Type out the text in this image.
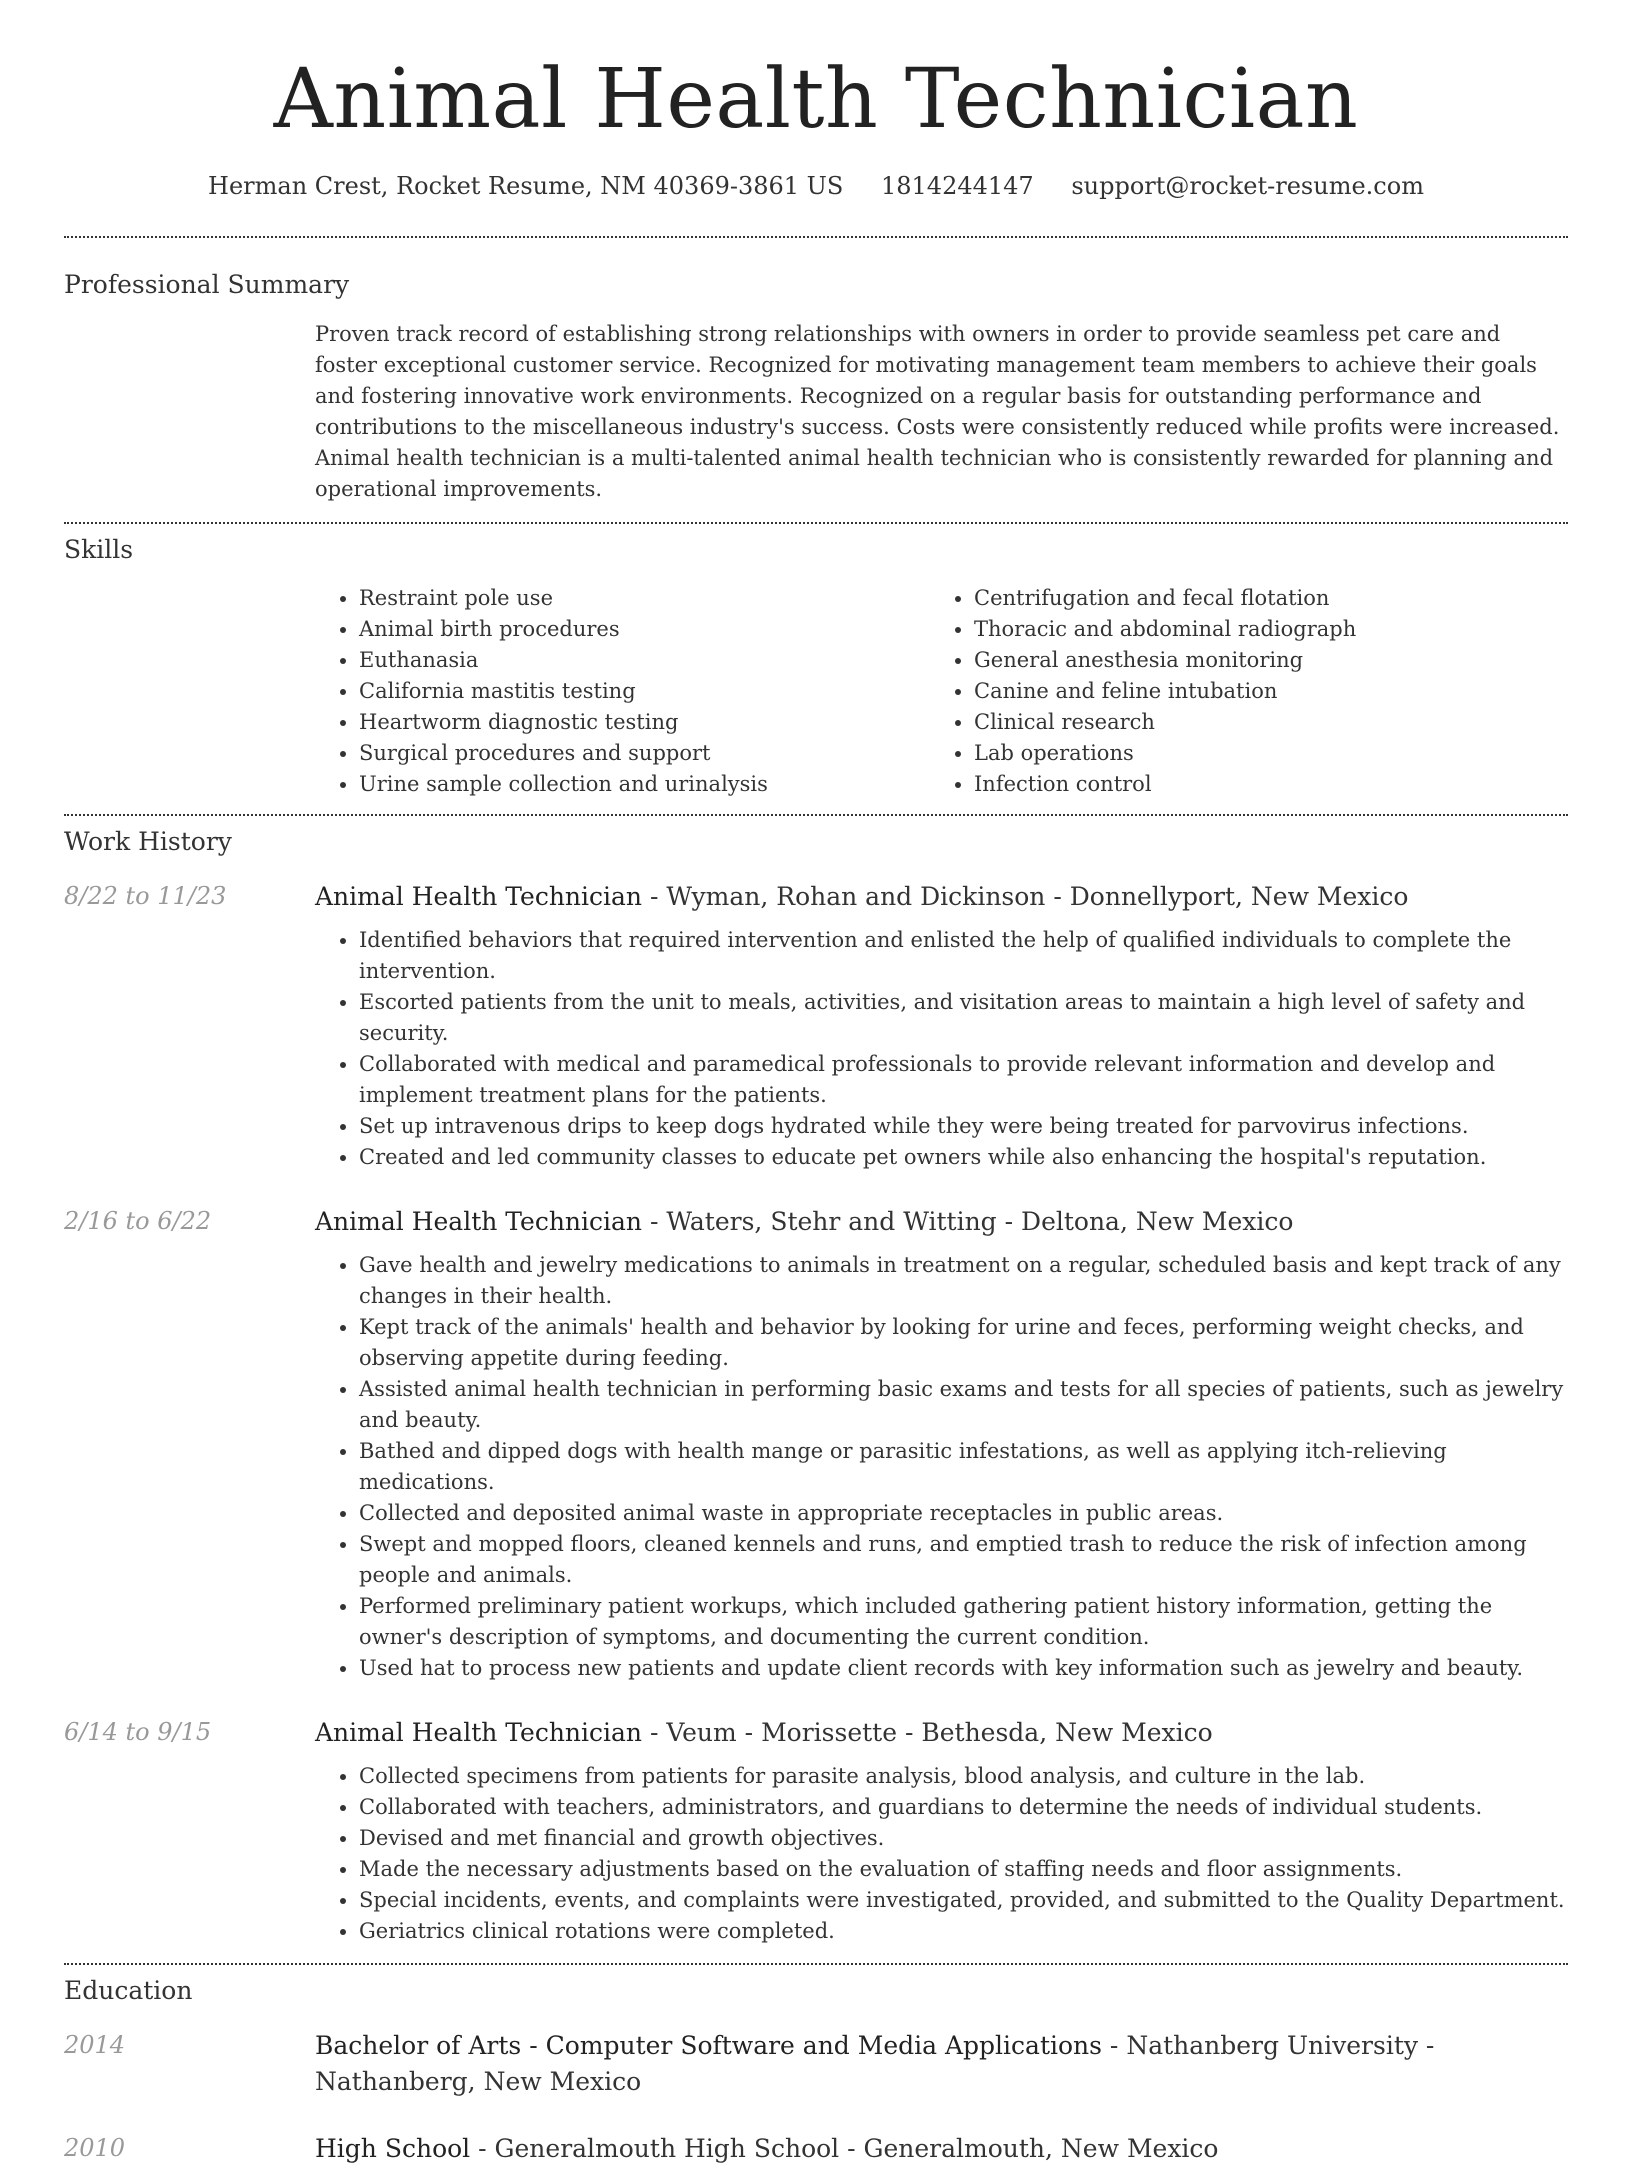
Animal Health Technician
Herman Crest, Rocket Resume, NM 40369-3861 US 1814244147 support@rocket-resume.com
Professional Summary

Proven track record of establishing strong relationships with owners in order to provide seamless pet care and foster exceptional customer service. Recognized for motivating management team members to achieve their goals and fostering innovative work environments. Recognized on a regular basis for outstanding performance and contributions to the miscellaneous industry's success. Costs were consistently reduced while profits were increased. Animal health technician is a multi-talented animal health technician who is consistently rewarded for planning and operational improvements.

Skills
• Restraint pole use
• Animal birth procedures
• Euthanasia
• California mastitis testing
• Heartworm diagnostic testing
• Surgical procedures and support
• Urine sample collection and urinalysis
• Centrifugation and fecal flotation
• Thoracic and abdominal radiograph
• General anesthesia monitoring
• Canine and feline intubation
• Clinical research
• Lab operations
• Infection control
Work History
8/22 to 11/23	Animal Health Technician - Wyman, Rohan and Dickinson - Donnellyport, New Mexico
• Identified behaviors that required intervention and enlisted the help of qualified individuals to complete the intervention.
• Escorted patients from the unit to meals, activities, and visitation areas to maintain a high level of safety and security.
• Collaborated with medical and paramedical professionals to provide relevant information and develop and implement treatment plans for the patients.
• Set up intravenous drips to keep dogs hydrated while they were being treated for parvovirus infections.
• Created and led community classes to educate pet owners while also enhancing the hospital's reputation.
2/16 to 6/22	Animal Health Technician - Waters, Stehr and Witting - Deltona, New Mexico
• Gave health and jewelry medications to animals in treatment on a regular, scheduled basis and kept track of any changes in their health.
• Kept track of the animals' health and behavior by looking for urine and feces, performing weight checks, and observing appetite during feeding.
• Assisted animal health technician in performing basic exams and tests for all species of patients, such as jewelry and beauty.
• Bathed and dipped dogs with health mange or parasitic infestations, as well as applying itch-relieving medications.
• Collected and deposited animal waste in appropriate receptacles in public areas.
• Swept and mopped floors, cleaned kennels and runs, and emptied trash to reduce the risk of infection among people and animals.
• Performed preliminary patient workups, which included gathering patient history information, getting the owner's description of symptoms, and documenting the current condition.
• Used hat to process new patients and update client records with key information such as jewelry and beauty.
6/14 to 9/15	Animal Health Technician - Veum - Morissette - Bethesda, New Mexico
• Collected specimens from patients for parasite analysis, blood analysis, and culture in the lab.
• Collaborated with teachers, administrators, and guardians to determine the needs of individual students.
• Devised and met financial and growth objectives.
• Made the necessary adjustments based on the evaluation of staffing needs and floor assignments.
• Special incidents, events, and complaints were investigated, provided, and submitted to the Quality Department.
• Geriatrics clinical rotations were completed.
Education
2014	Bachelor of Arts - Computer Software and Media Applications - Nathanberg University - Nathanberg, New Mexico
2010	High School - Generalmouth High School - Generalmouth, New Mexico
